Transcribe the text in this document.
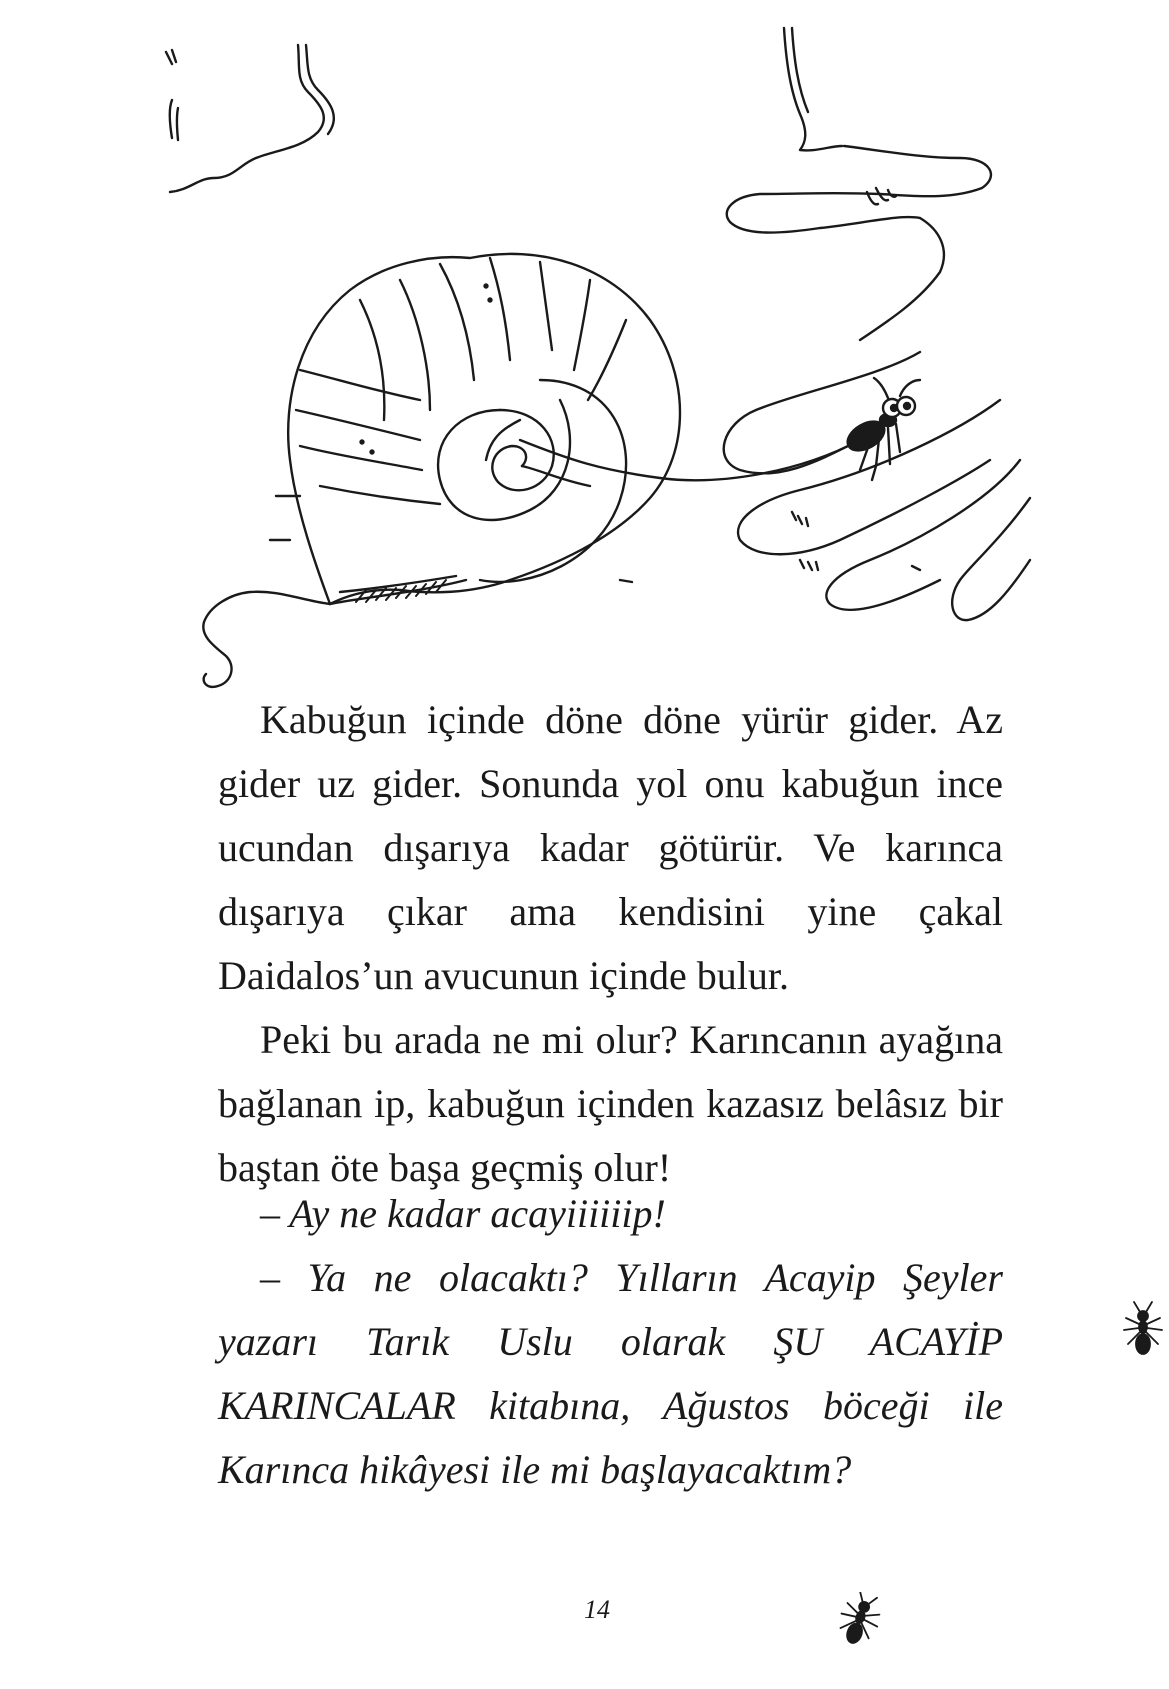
Kabuğun içinde döne döne yürür gider. Az gider uz gider. Sonunda yol onu kabuğun ince ucundan dışarıya kadar götürür. Ve karınca dışarıya çıkar ama kendisini yine çakal Daidalos’un avucunun içinde bulur.

Peki bu arada ne mi olur? Karıncanın ayağına bağlanan ip, kabuğun içinden kazasız belâsız bir baştan öte başa geçmiş olur!

– Ay ne kadar acayiiiiiip!

– Ya ne olacaktı? Yılların Acayip Şeyler yazarı Tarık Uslu olarak ŞU ACAYİP KARINCALAR kitabına, Ağustos böceği ile Karınca hikâyesi ile mi başlayacaktım?

14
